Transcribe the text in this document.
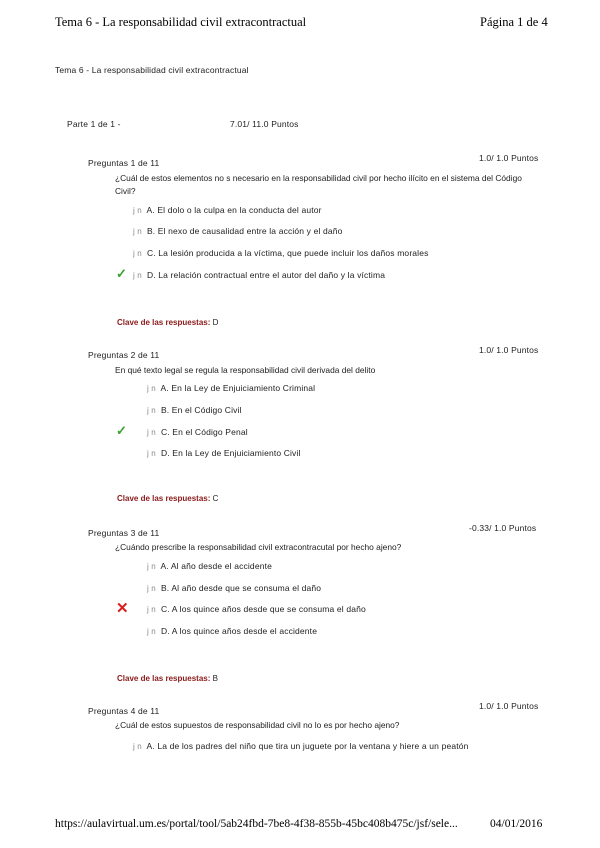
Tema 6 - La responsabilidad civil extracontractual	Página 1 de 4
Tema 6 - La responsabilidad civil extracontractual
Parte 1 de 1 -	7.01/ 11.0 Puntos
Preguntas 1 de 11	1.0/ 1.0 Puntos
¿Cuál de estos elementos no s necesario en la responsabilidad civil por hecho ilícito en el sistema del Código Civil?
j n A. El dolo o la culpa en la conducta del autor
j n B. El nexo de causalidad entre la acción y el daño
j n C. La lesión producida a la víctima, que puede incluir los daños morales
✓ j n D. La relación contractual entre el autor del daño y la víctima
Clave de las respuestas: D
Preguntas 2 de 11	1.0/ 1.0 Puntos
En qué texto legal se regula la responsabilidad civil derivada del delito
j n A. En la Ley de Enjuiciamiento Criminal
j n B. En el Código Civil
✓	j n C. En el Código Penal
j n D. En la Ley de Enjuiciamiento Civil
Clave de las respuestas: C
Preguntas 3 de 11	-0.33/ 1.0 Puntos
¿Cuándo prescribe la responsabilidad civil extracontracutal por hecho ajeno?
j n A. Al año desde el accidente
j n B. Al año desde que se consuma el daño
✕ j n C. A los quince años desde que se consuma el daño
j n D. A los quince años desde el accidente
Clave de las respuestas: B
Preguntas 4 de 11	1.0/ 1.0 Puntos
¿Cuál de estos supuestos de responsabilidad civil no lo es por hecho ajeno?
j n A. La de los padres del niño que tira un juguete por la ventana y hiere a un peatón
https://aulavirtual.um.es/portal/tool/5ab24fbd-7be8-4f38-855b-45bc408b475c/jsf/sele...	04/01/2016
